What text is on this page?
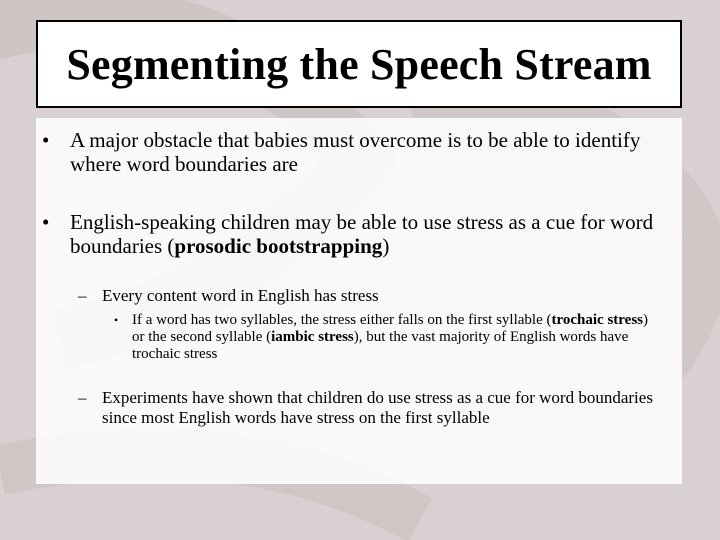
Segmenting the Speech Stream
• A major obstacle that babies must overcome is to be able to identify where word boundaries are
• English-speaking children may be able to use stress as a cue for word boundaries (prosodic bootstrapping)
– Every content word in English has stress
• If a word has two syllables, the stress either falls on the first syllable (trochaic stress) or the second syllable (iambic stress), but the vast majority of English words have trochaic stress
– Experiments have shown that children do use stress as a cue for word boundaries since most English words have stress on the first syllable
